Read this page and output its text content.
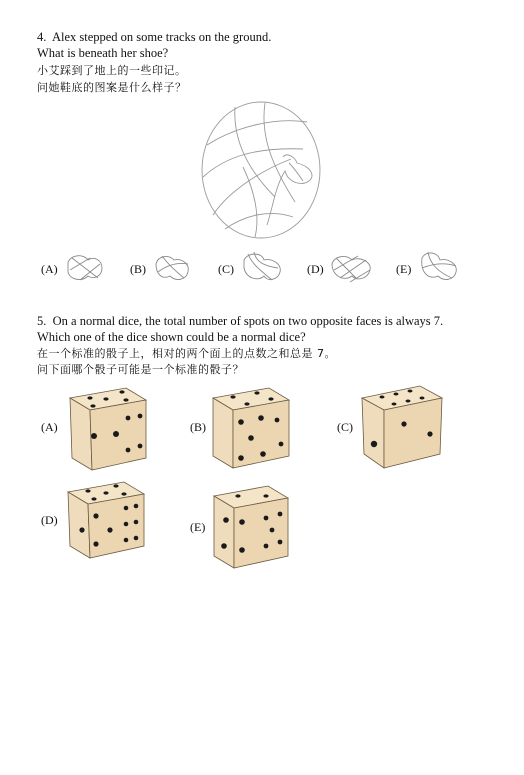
4. Alex stepped on some tracks on the ground.
What is beneath her shoe?
小艾踩到了地上的一些印记。
问她鞋底的图案是什么样子？
(A)	(B)	(C)	(D)	(E)
5. On a normal dice, the total number of spots on two opposite faces is always 7.
Which one of the dice shown could be a normal dice?
在一个标准的骰子上，相对的两个面上的点数之和总是 7。
问下面哪个骰子可能是一个标准的骰子？
(A)	(B)	(C)
(D)	(E)
